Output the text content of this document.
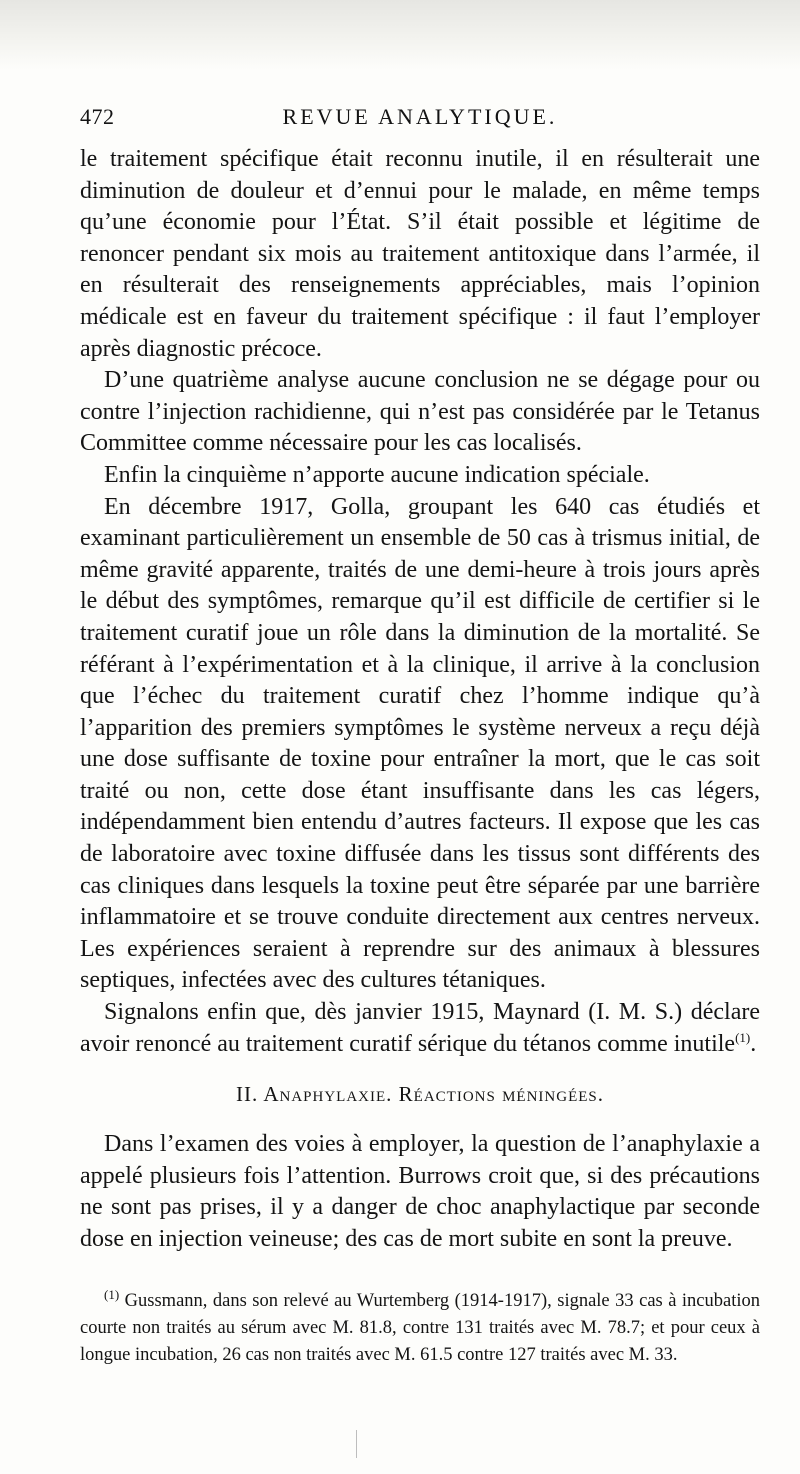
472	REVUE ANALYTIQUE.

le traitement spécifique était reconnu inutile, il en résulterait une diminution de douleur et d’ennui pour le malade, en même temps qu’une économie pour l’État. S’il était possible et légitime de renoncer pendant six mois au traitement antitoxique dans l’armée, il en résulterait des renseignements appréciables, mais l’opinion médicale est en faveur du traitement spécifique : il faut l’employer après diagnostic précoce.

D’une quatrième analyse aucune conclusion ne se dégage pour ou contre l’injection rachidienne, qui n’est pas considérée par le Tetanus Committee comme nécessaire pour les cas localisés.

Enfin la cinquième n’apporte aucune indication spéciale.

En décembre 1917, Golla, groupant les 640 cas étudiés et examinant particulièrement un ensemble de 50 cas à trismus initial, de même gravité apparente, traités de une demi-heure à trois jours après le début des symptômes, remarque qu’il est difficile de certifier si le traitement curatif joue un rôle dans la diminution de la mortalité. Se référant à l’expérimentation et à la clinique, il arrive à la conclusion que l’échec du traitement curatif chez l’homme indique qu’à l’apparition des premiers symptômes le système nerveux a reçu déjà une dose suffisante de toxine pour entraîner la mort, que le cas soit traité ou non, cette dose étant insuffisante dans les cas légers, indépendamment bien entendu d’autres facteurs. Il expose que les cas de laboratoire avec toxine diffusée dans les tissus sont différents des cas cliniques dans lesquels la toxine peut être séparée par une barrière inflammatoire et se trouve conduite directement aux centres nerveux. Les expériences seraient à reprendre sur des animaux à blessures septiques, infectées avec des cultures tétaniques.

Signalons enfin que, dès janvier 1915, Maynard (I. M. S.) déclare avoir renoncé au traitement curatif sérique du tétanos comme inutile$^{(1)}$.

II. Anaphylaxie. Réactions méningées.

Dans l’examen des voies à employer, la question de l’anaphylaxie a appelé plusieurs fois l’attention. Burrows croit que, si des précautions ne sont pas prises, il y a danger de choc anaphylactique par seconde dose en injection veineuse; des cas de mort subite en sont la preuve.

$^{(1)}$ Gussmann, dans son relevé au Wurtemberg (1914-1917), signale 33 cas à incubation courte non traités au sérum avec M. 81.8, contre 131 traités avec M. 78.7; et pour ceux à longue incubation, 26 cas non traités avec M. 61.5 contre 127 traités avec M. 33.
